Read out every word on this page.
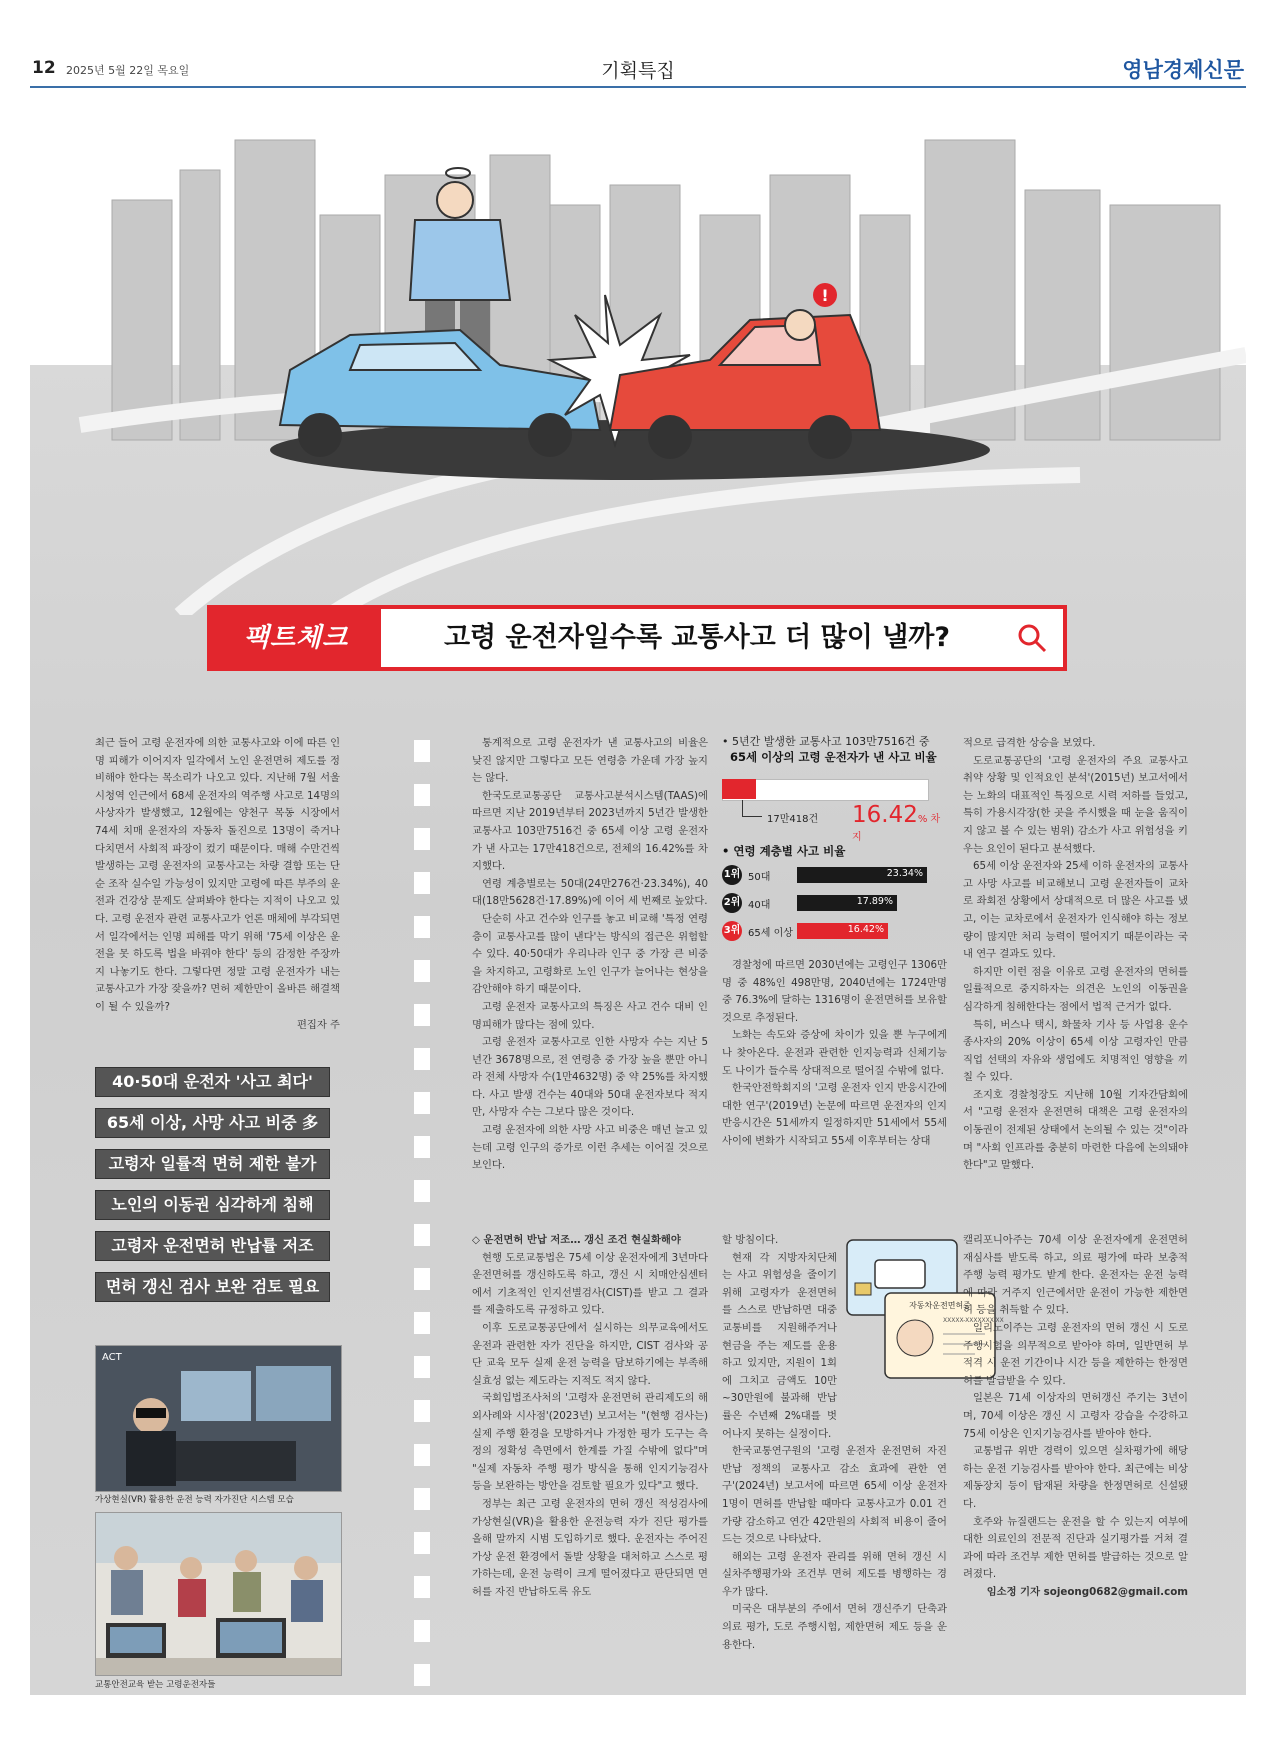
12 2025년 5월 22일 목요일	기획특집	영남경제신문
!
팩트체크	고령 운전자일수록 교통사고 더 많이 낼까?

최근 들어 고령 운전자에 의한 교통사고와 이에 따른 인명 피해가 이어지자 일각에서 노인 운전면허 제도를 정비해야 한다는 목소리가 나오고 있다. 지난해 7월 서울 시청역 인근에서 68세 운전자의 역주행 사고로 14명의 사상자가 발생했고, 12월에는 양천구 목동 시장에서 74세 치매 운전자의 자동차 돌진으로 13명이 죽거나 다치면서 사회적 파장이 컸기 때문이다. 매해 수만건씩 발생하는 고령 운전자의 교통사고는 차량 결함 또는 단순 조작 실수일 가능성이 있지만 고령에 따른 부주의 운전과 건강상 문제도 살펴봐야 한다는 지적이 나오고 있다. 고령 운전자 관련 교통사고가 언론 매체에 부각되면서 일각에서는 인명 피해를 막기 위해 '75세 이상은 운전을 못 하도록 법을 바꿔야 한다' 등의 감정한 주장까지 나놓기도 한다. 그렇다면 정말 고령 운전자가 내는 교통사고가 가장 잦을까? 면허 제한만이 올바른 해결책이 될 수 있을까?
편집자 주

40·50대 운전자 '사고 최다'
65세 이상, 사망 사고 비중 多
고령자 일률적 면허 제한 불가
노인의 이동권 심각하게 침해
고령자 운전면허 반납률 저조
면허 갱신 검사 보완 검토 필요
ACT
가상현실(VR) 활용한 운전 능력 자가진단 시스템 모습
교통안전교육 받는 고령운전자들

통계적으로 고령 운전자가 낸 교통사고의 비율은 낮진 않지만 그렇다고 모든 연령층 가운데 가장 높지는 않다.

한국도로교통공단 교통사고분석시스템(TAAS)에 따르면 지난 2019년부터 2023년까지 5년간 발생한 교통사고 103만7516건 중 65세 이상 고령 운전자가 낸 사고는 17만418건으로, 전체의 16.42%를 차지했다.

연령 계층별로는 50대(24만276건·23.34%), 40대(18만5628건·17.89%)에 이어 세 번째로 높았다.

단순히 사고 건수와 인구를 놓고 비교해 '특정 연령층이 교통사고를 많이 낸다'는 방식의 접근은 위험할 수 있다. 40·50대가 우리나라 인구 중 가장 큰 비중을 차지하고, 고령화로 노인 인구가 늘어나는 현상을 감안해야 하기 때문이다.

고령 운전자 교통사고의 특징은 사고 건수 대비 인명피해가 많다는 점에 있다.

고령 운전자 교통사고로 인한 사망자 수는 지난 5년간 3678명으로, 전 연령층 중 가장 높을 뿐만 아니라 전체 사망자 수(1만4632명) 중 약 25%를 차지했다. 사고 발생 건수는 40대와 50대 운전자보다 적지만, 사망자 수는 그보다 많은 것이다.

고령 운전자에 의한 사망 사고 비중은 매년 늘고 있는데 고령 인구의 증가로 이런 추세는 이어질 것으로 보인다.

• 5년간 발생한 교통사고 103만7516건 중
65세 이상의 고령 운전자가 낸 사고 비율
17만418건 16.42% 차지
• 연령 계층별 사고 비율
1위 50대	23.34%
2위 40대	17.89%
3위 65세 이상	16.42%

경찰청에 따르면 2030년에는 고령인구 1306만명 중 48%인 498만명, 2040년에는 1724만명 중 76.3%에 달하는 1316명이 운전면허를 보유할 것으로 추정된다.

노화는 속도와 증상에 차이가 있을 뿐 누구에게나 찾아온다. 운전과 관련한 인지능력과 신체기능도 나이가 들수록 상대적으로 떨어질 수밖에 없다.

한국안전학회지의 '고령 운전자 인지 반응시간에 대한 연구'(2019년) 논문에 따르면 운전자의 인지 반응시간은 51세까지 일정하지만 51세에서 55세 사이에 변화가 시작되고 55세 이후부터는 상대

적으로 급격한 상승을 보였다.

도로교통공단의 '고령 운전자의 주요 교통사고 취약 상황 및 인적요인 분석'(2015년) 보고서에서는 노화의 대표적인 특징으로 시력 저하를 들었고, 특히 가용시각장(한 곳을 주시했을 때 눈을 움직이지 않고 볼 수 있는 범위) 감소가 사고 위험성을 키우는 요인이 된다고 분석했다.

65세 이상 운전자와 25세 이하 운전자의 교통사고 사망 사고를 비교해보니 고령 운전자들이 교차로 좌회전 상황에서 상대적으로 더 많은 사고를 냈고, 이는 교차로에서 운전자가 인식해야 하는 정보량이 많지만 처리 능력이 떨어지기 때문이라는 국내 연구 결과도 있다.

하지만 이런 점을 이유로 고령 운전자의 면허를 일률적으로 중지하자는 의견은 노인의 이동권을 심각하게 침해한다는 점에서 법적 근거가 없다.

특히, 버스나 택시, 화물차 기사 등 사업용 운수종사자의 20% 이상이 65세 이상 고령자인 만큼 직업 선택의 자유와 생업에도 치명적인 영향을 끼칠 수 있다.

조지호 경찰청장도 지난해 10월 기자간담회에서 "고령 운전자 운전면허 대책은 고령 운전자의 이동권이 전제된 상태에서 논의될 수 있는 것"이라며 "사회 인프라를 충분히 마련한 다음에 논의돼야 한다"고 말했다.

◇ 운전면허 반납 저조… 갱신 조건 현실화해야

현행 도로교통법은 75세 이상 운전자에게 3년마다 운전면허를 갱신하도록 하고, 갱신 시 치매안심센터에서 기초적인 인지선별검사(CIST)를 받고 그 결과를 제출하도록 규정하고 있다.

이후 도로교통공단에서 실시하는 의무교육에서도 운전과 관련한 자가 진단을 하지만, CIST 검사와 공단 교육 모두 실제 운전 능력을 담보하기에는 부족해 실효성 없는 제도라는 지적도 적지 않다.

국회입법조사처의 '고령자 운전면허 관리제도의 해외사례와 시사점'(2023년) 보고서는 "(현행 검사는) 실제 주행 환경을 모방하거나 가정한 평가 도구는 측정의 정확성 측면에서 한계를 가질 수밖에 없다"며 "실제 자동차 주행 평가 방식을 통해 인지기능검사 등을 보완하는 방안을 검토할 필요가 있다"고 했다.

정부는 최근 고령 운전자의 면허 갱신 적성검사에 가상현실(VR)을 활용한 운전능력 자가 진단 평가를 올해 말까지 시범 도입하기로 했다. 운전자는 주어진 가상 운전 환경에서 돌발 상황을 대처하고 스스로 평가하는데, 운전 능력이 크게 떨어졌다고 판단되면 면허를 자진 반납하도록 유도

할 방침이다.

현재 각 지방자치단체는 사고 위험성을 줄이기 위해 고령자가 운전면허를 스스로 반납하면 대중교통비를 지원해주거나 현금을 주는 제도를 운용하고 있지만, 지원이 1회에 그치고 금액도 10만~30만원에 불과해 반납률은 수년째 2%대를 벗어나지 못하는 실정이다.

한국교통연구원의 '고령 운전자 운전면허 자진 반납 정책의 교통사고 감소 효과에 관한 연구'(2024년) 보고서에 따르면 65세 이상 운전자 1명이 면허를 반납할 때마다 교통사고가 0.01 건가량 감소하고 연간 42만원의 사회적 비용이 줄어드는 것으로 나타났다.

해외는 고령 운전자 관리를 위해 면허 갱신 시 실차주행평가와 조건부 면허 제도를 병행하는 경우가 많다.

미국은 대부분의 주에서 면허 갱신주기 단축과 의료 평가, 도로 주행시험, 제한면허 제도 등을 운용한다.

자동차운전면허증
XXXXX-XXXXXXX-XX

캘리포니아주는 70세 이상 운전자에게 운전면허 재심사를 받도록 하고, 의료 평가에 따라 보충적 주행 능력 평가도 받게 한다. 운전자는 운전 능력에 따라 거주지 인근에서만 운전이 가능한 제한면허 등을 취득할 수 있다.

일리노이주는 고령 운전자의 면허 갱신 시 도로 주행시험을 의무적으로 받아야 하며, 일반면허 부적격 시 운전 기간이나 시간 등을 제한하는 한정면허를 발급받을 수 있다.

일본은 71세 이상자의 면허갱신 주기는 3년이며, 70세 이상은 갱신 시 고령자 강습을 수강하고 75세 이상은 인지기능검사를 받아야 한다.

교통법규 위반 경력이 있으면 실차평가에 해당하는 운전 기능검사를 받아야 한다. 최근에는 비상 제동장치 등이 탑재된 차량을 한정면허로 신설됐다.

호주와 뉴질랜드는 운전을 할 수 있는지 여부에 대한 의료인의 전문적 진단과 실기평가를 거쳐 결과에 따라 조건부 제한 면허를 발급하는 것으로 알려졌다.

임소정 기자 sojeong0682@gmail.com
